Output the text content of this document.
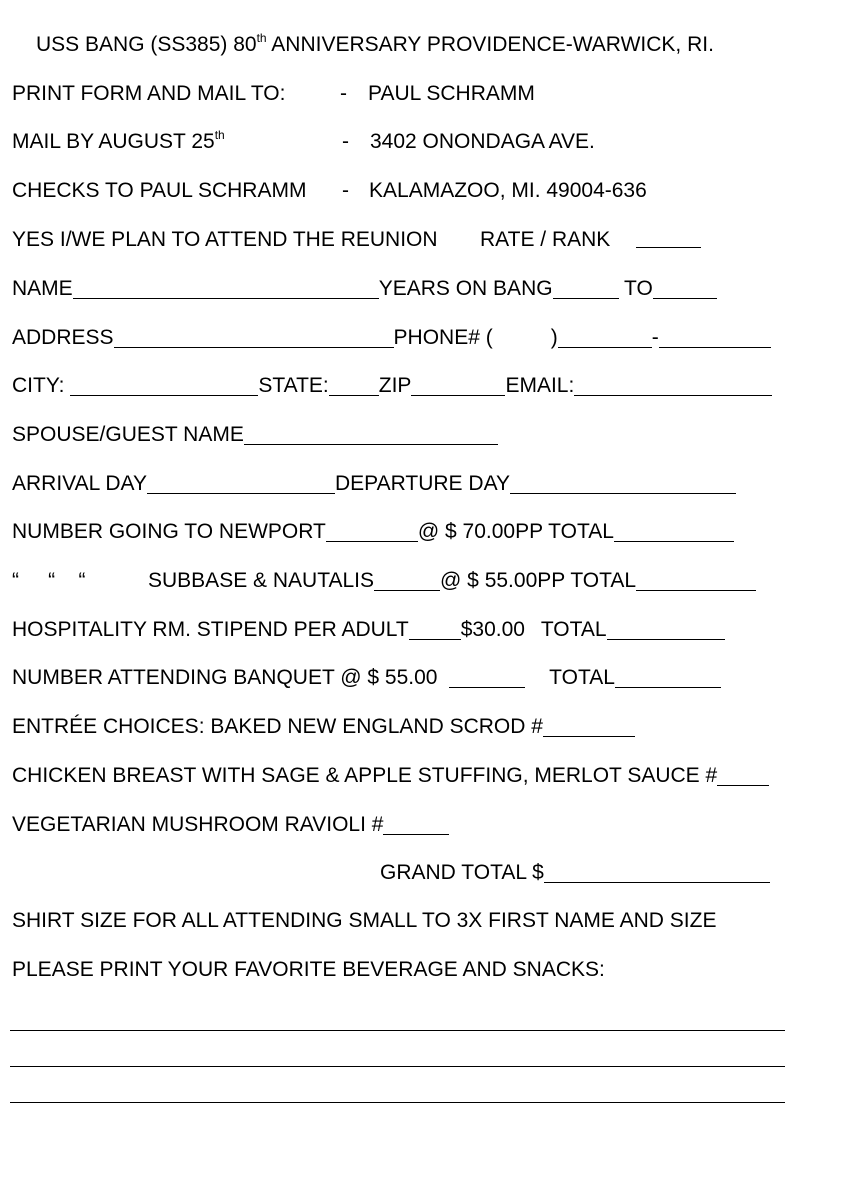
USS BANG (SS385) 80th ANNIVERSARY PROVIDENCE-WARWICK, RI.
PRINT FORM AND MAIL TO:	- PAUL SCHRAMM
MAIL BY AUGUST 25th	- 3402 ONONDAGA AVE.
CHECKS TO PAUL SCHRAMM - KALAMAZOO, MI. 49004-636
YES I/WE PLAN TO ATTEND THE REUNION RATE / RANK
NAME	YEARS ON BANG	TO
ADDRESS	PHONE# (	)	-
CITY:	STATE: ZIP	EMAIL:
SPOUSE/GUEST NAME
ARRIVAL DAY	DEPARTURE DAY
NUMBER GOING TO NEWPORT	@ $ 70.00PP TOTAL
“     “    “	SUBBASE & NAUTALIS	@ $ 55.00PP TOTAL
HOSPITALITY RM. STIPEND PER ADULT $30.00 TOTAL
NUMBER ATTENDING BANQUET @ $ 55.00	TOTAL
ENTRÉE CHOICES: BAKED NEW ENGLAND SCROD #
CHICKEN BREAST WITH SAGE & APPLE STUFFING, MERLOT SAUCE #
VEGETARIAN MUSHROOM RAVIOLI #
GRAND TOTAL $
SHIRT SIZE FOR ALL ATTENDING SMALL TO 3X FIRST NAME AND SIZE
PLEASE PRINT YOUR FAVORITE BEVERAGE AND SNACKS:
